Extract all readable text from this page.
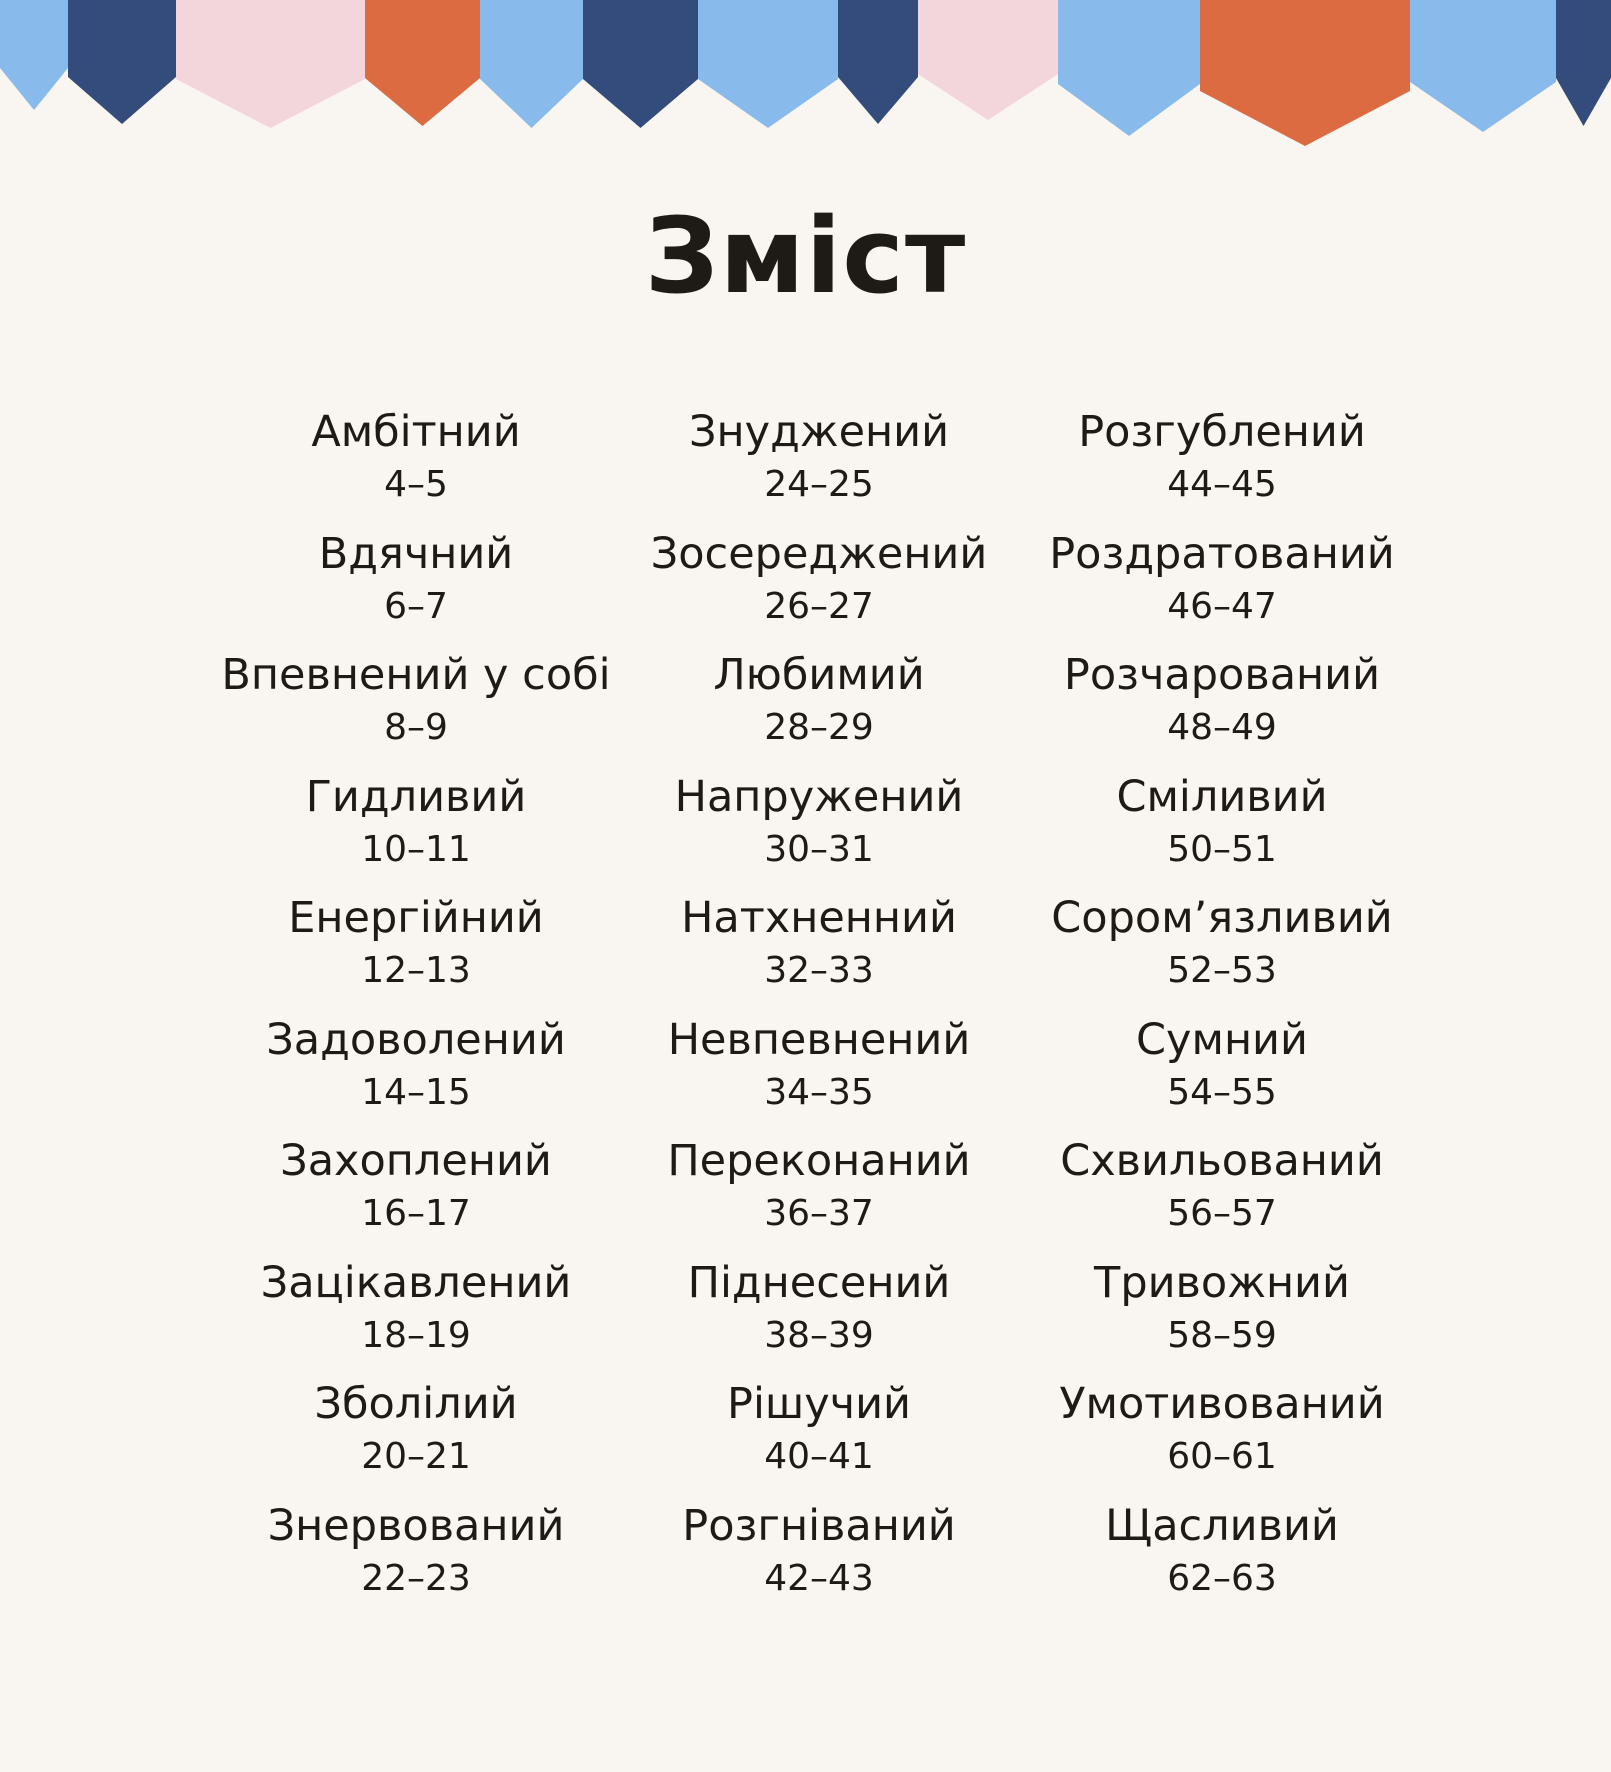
Зміст
Амбітний
4–5
Вдячний
6–7
Впевнений у собі
8–9
Гидливий
10–11
Енергійний
12–13
Задоволений
14–15
Захоплений
16–17
Зацікавлений
18–19
Зболілий
20–21
Знервований
22–23
Знуджений
24–25
Зосереджений
26–27
Любимий
28–29
Напружений
30–31
Натхненний
32–33
Невпевнений
34–35
Переконаний
36–37
Піднесений
38–39
Рішучий
40–41
Розгніваний
42–43
Розгублений
44–45
Роздратований
46–47
Розчарований
48–49
Сміливий
50–51
Сором’язливий
52–53
Сумний
54–55
Схвильований
56–57
Тривожний
58–59
Умотивований
60–61
Щасливий
62–63
